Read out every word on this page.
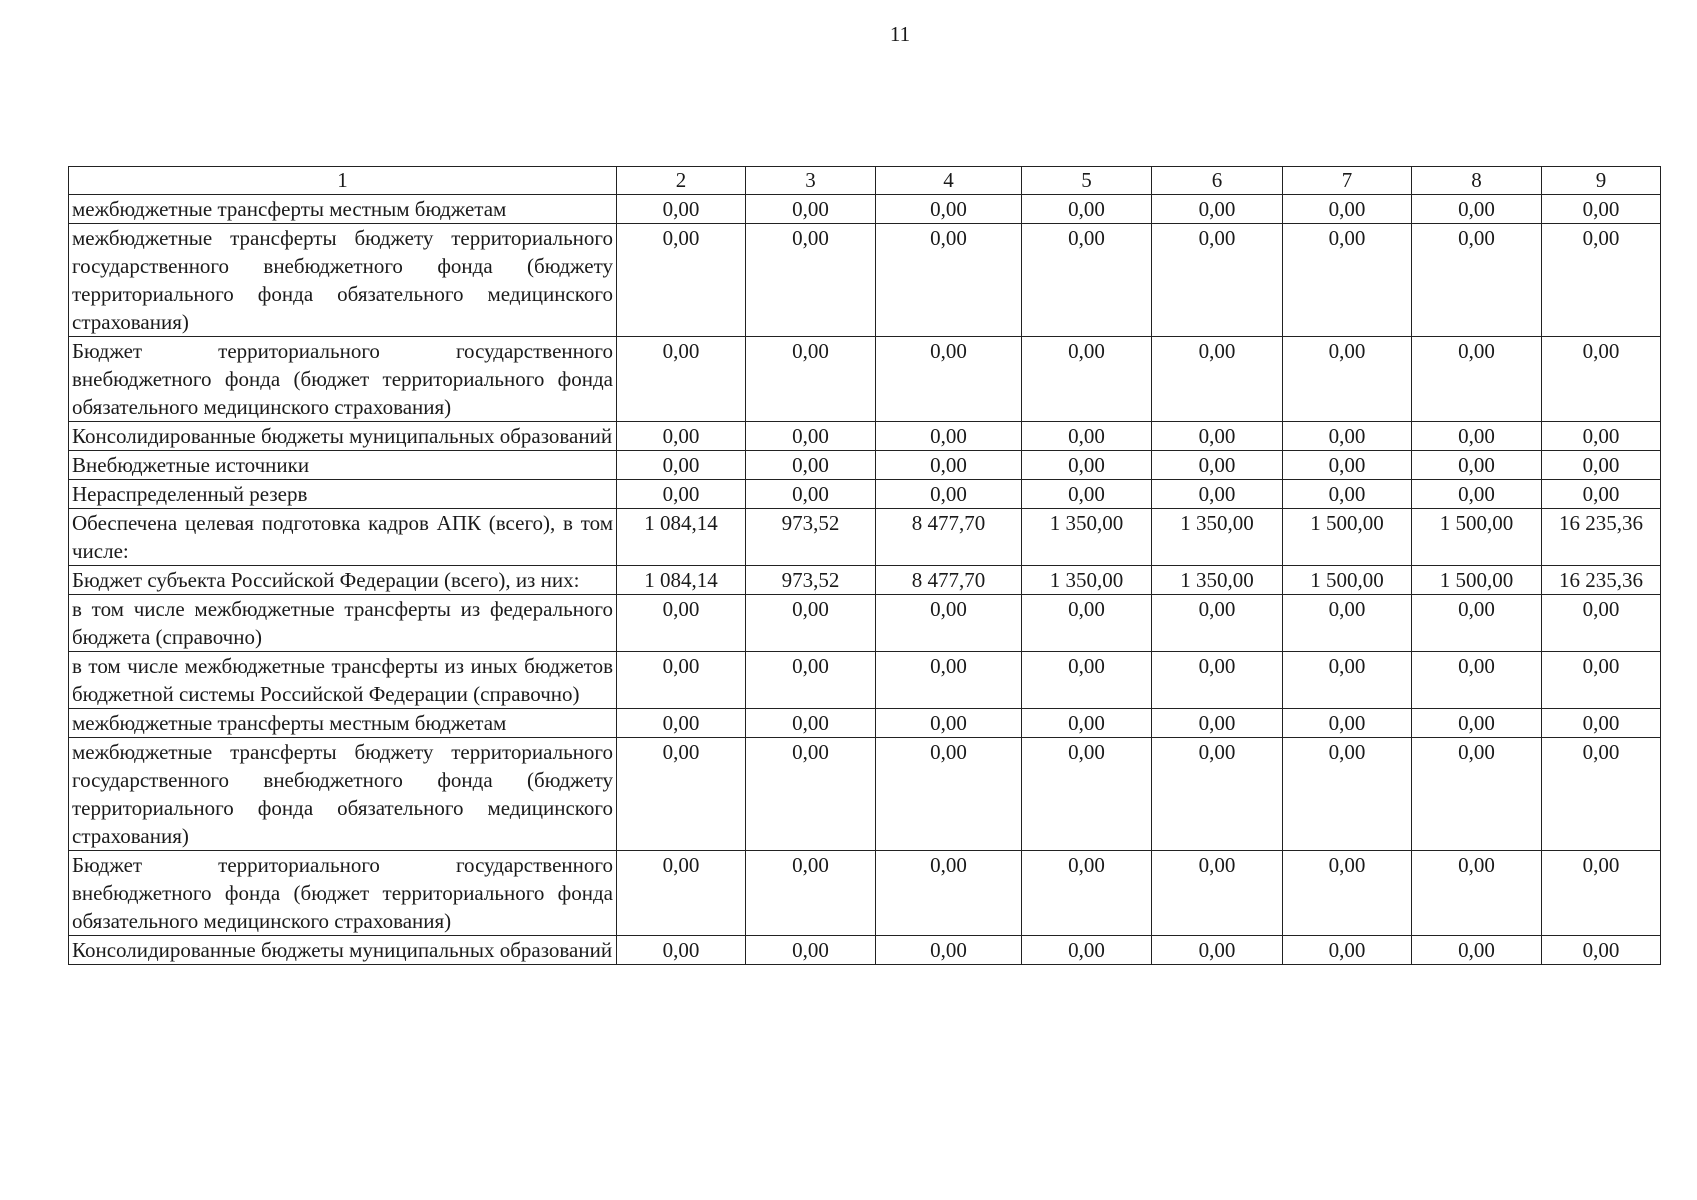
11
1	2	3	4	5	6	7	8	9
межбюджетные трансферты местным бюджетам	0,00	0,00	0,00	0,00	0,00	0,00	0,00	0,00
межбюджетные трансферты бюджету территориального государственного внебюджетного фонда (бюджету территориального фонда обязательного медицинского страхования)	0,00	0,00	0,00	0,00	0,00	0,00	0,00	0,00
Бюджет территориального государственного внебюджетного фонда (бюджет территориального фонда обязательного медицинского страхования)	0,00	0,00	0,00	0,00	0,00	0,00	0,00	0,00
Консолидированные бюджеты муниципальных образований	0,00	0,00	0,00	0,00	0,00	0,00	0,00	0,00
Внебюджетные источники	0,00	0,00	0,00	0,00	0,00	0,00	0,00	0,00
Нераспределенный резерв	0,00	0,00	0,00	0,00	0,00	0,00	0,00	0,00
Обеспечена целевая подготовка кадров АПК (всего), в том числе:	1 084,14	973,52	8 477,70	1 350,00	1 350,00	1 500,00	1 500,00	16 235,36
Бюджет субъекта Российской Федерации (всего), из них:	1 084,14	973,52	8 477,70	1 350,00	1 350,00	1 500,00	1 500,00	16 235,36
в том числе межбюджетные трансферты из федерального бюджета (справочно)	0,00	0,00	0,00	0,00	0,00	0,00	0,00	0,00
в том числе межбюджетные трансферты из иных бюджетов бюджетной системы Российской Федерации (справочно)	0,00	0,00	0,00	0,00	0,00	0,00	0,00	0,00
межбюджетные трансферты местным бюджетам	0,00	0,00	0,00	0,00	0,00	0,00	0,00	0,00
межбюджетные трансферты бюджету территориального государственного внебюджетного фонда (бюджету территориального фонда обязательного медицинского страхования)	0,00	0,00	0,00	0,00	0,00	0,00	0,00	0,00
Бюджет территориального государственного внебюджетного фонда (бюджет территориального фонда обязательного медицинского страхования)	0,00	0,00	0,00	0,00	0,00	0,00	0,00	0,00
Консолидированные бюджеты муниципальных образований	0,00	0,00	0,00	0,00	0,00	0,00	0,00	0,00
